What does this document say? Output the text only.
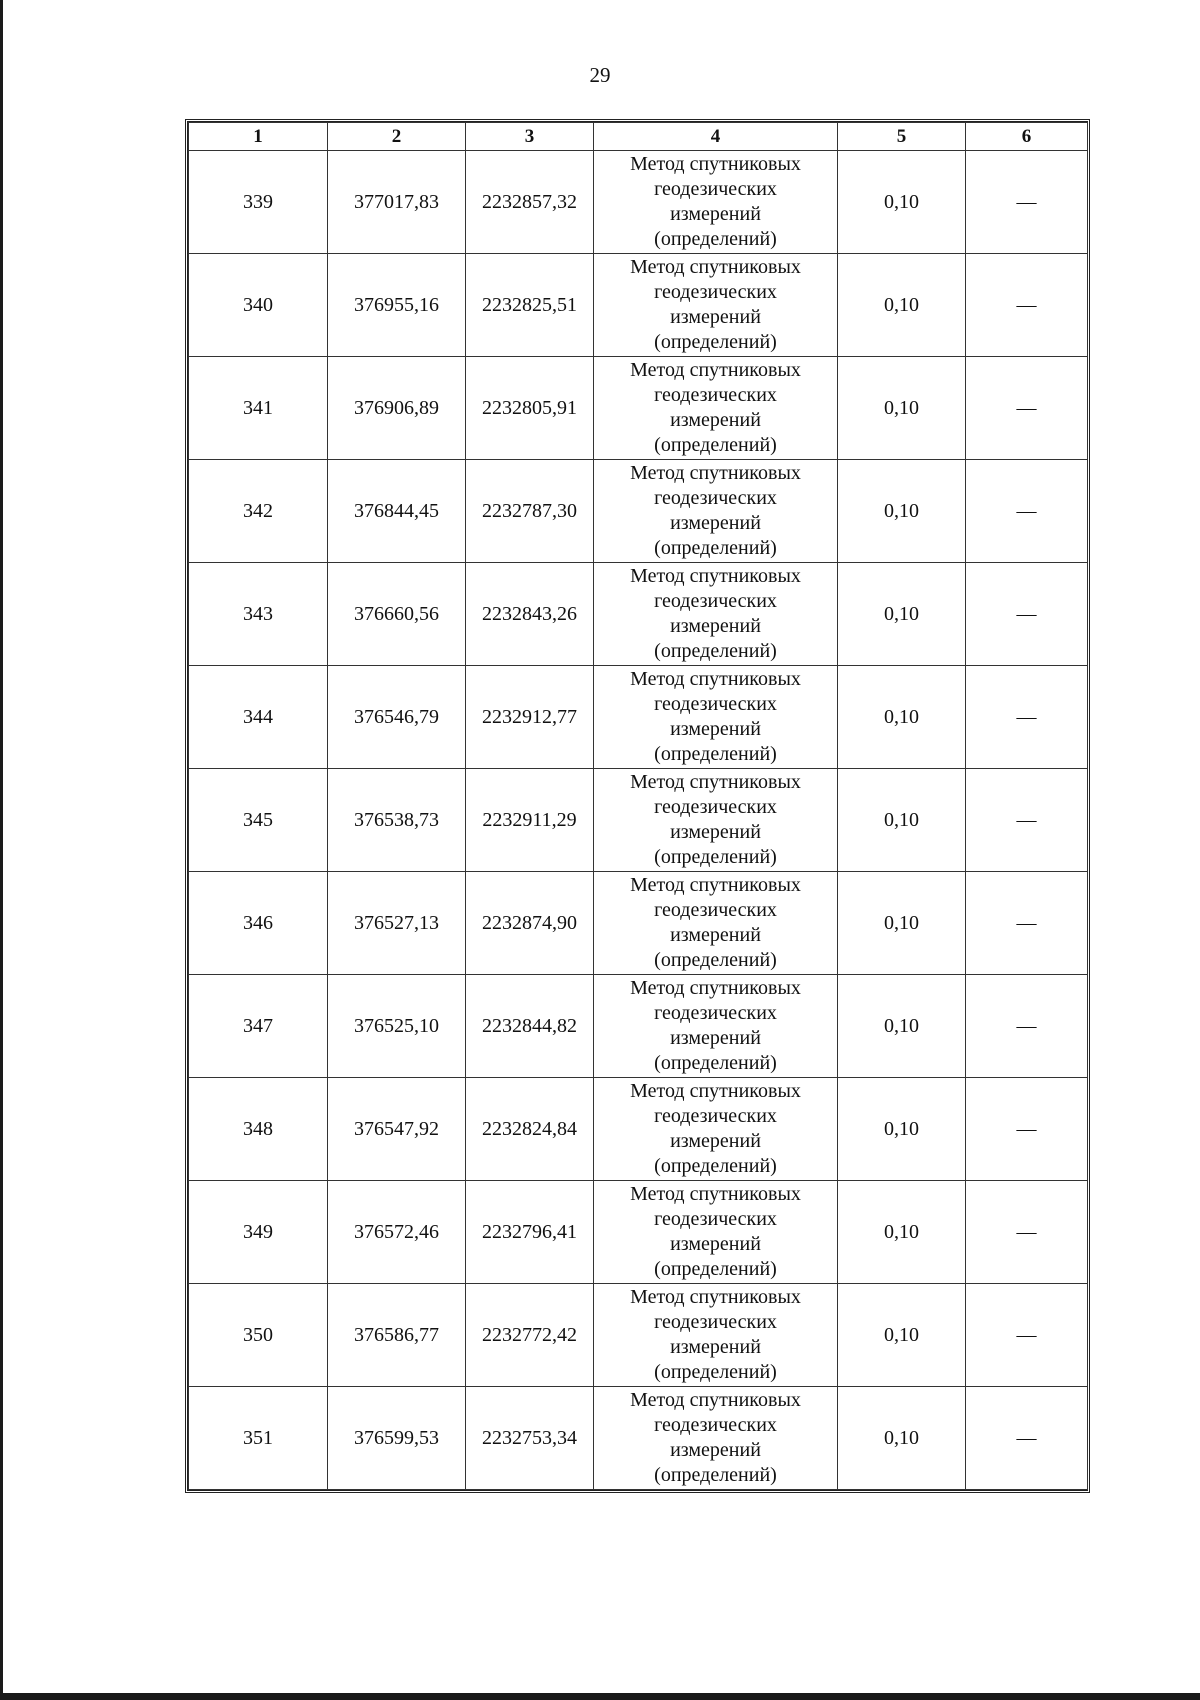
29
1	2	3	4	5	6
339	377017,83	2232857,32	Метод спутниковых
геодезических
измерений
(определений)	0,10	—
340	376955,16	2232825,51	Метод спутниковых
геодезических
измерений
(определений)	0,10	—
341	376906,89	2232805,91	Метод спутниковых
геодезических
измерений
(определений)	0,10	—
342	376844,45	2232787,30	Метод спутниковых
геодезических
измерений
(определений)	0,10	—
343	376660,56	2232843,26	Метод спутниковых
геодезических
измерений
(определений)	0,10	—
344	376546,79	2232912,77	Метод спутниковых
геодезических
измерений
(определений)	0,10	—
345	376538,73	2232911,29	Метод спутниковых
геодезических
измерений
(определений)	0,10	—
346	376527,13	2232874,90	Метод спутниковых
геодезических
измерений
(определений)	0,10	—
347	376525,10	2232844,82	Метод спутниковых
геодезических
измерений
(определений)	0,10	—
348	376547,92	2232824,84	Метод спутниковых
геодезических
измерений
(определений)	0,10	—
349	376572,46	2232796,41	Метод спутниковых
геодезических
измерений
(определений)	0,10	—
350	376586,77	2232772,42	Метод спутниковых
геодезических
измерений
(определений)	0,10	—
351	376599,53	2232753,34	Метод спутниковых
геодезических
измерений
(определений)	0,10	—
